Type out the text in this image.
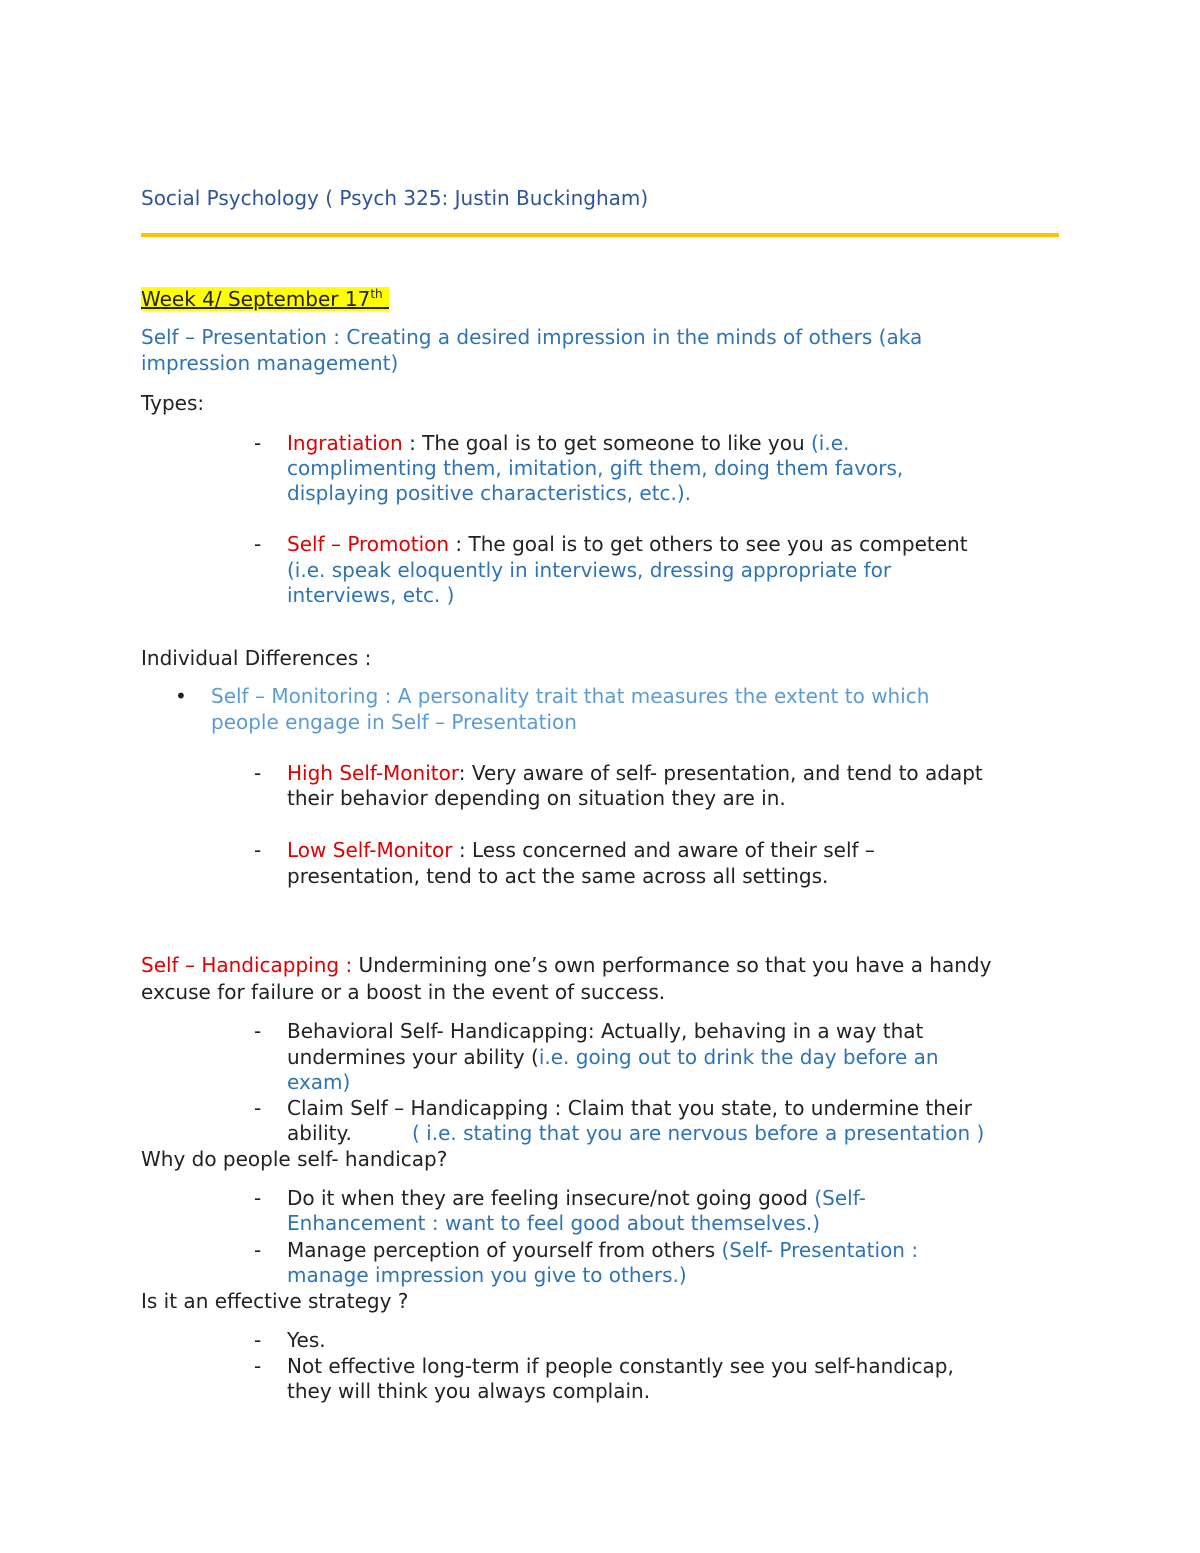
Social Psychology ( Psych 325: Justin Buckingham)
Week 4/ September 17th
Self – Presentation : Creating a desired impression in the minds of others (aka
impression management)
Types:
- Ingratiation : The goal is to get someone to like you (i.e.
complimenting them, imitation, gift them, doing them favors,
displaying positive characteristics, etc.).
- Self – Promotion : The goal is to get others to see you as competent
(i.e. speak eloquently in interviews, dressing appropriate for
interviews, etc. )
Individual Differences :
• Self – Monitoring : A personality trait that measures the extent to which
people engage in Self – Presentation
- High Self-Monitor: Very aware of self- presentation, and tend to adapt
their behavior depending on situation they are in.
- Low Self-Monitor : Less concerned and aware of their self –
presentation, tend to act the same across all settings.
Self – Handicapping : Undermining one’s own performance so that you have a handy
excuse for failure or a boost in the event of success.
- Behavioral Self- Handicapping: Actually, behaving in a way that
undermines your ability (i.e. going out to drink the day before an
exam)
- Claim Self – Handicapping : Claim that you state, to undermine their
ability.	( i.e. stating that you are nervous before a presentation )
Why do people self- handicap?
- Do it when they are feeling insecure/not going good (Self-
Enhancement : want to feel good about themselves.)
- Manage perception of yourself from others (Self- Presentation :
manage impression you give to others.)
Is it an effective strategy ?
- Yes.
- Not effective long-term if people constantly see you self-handicap,
they will think you always complain.
